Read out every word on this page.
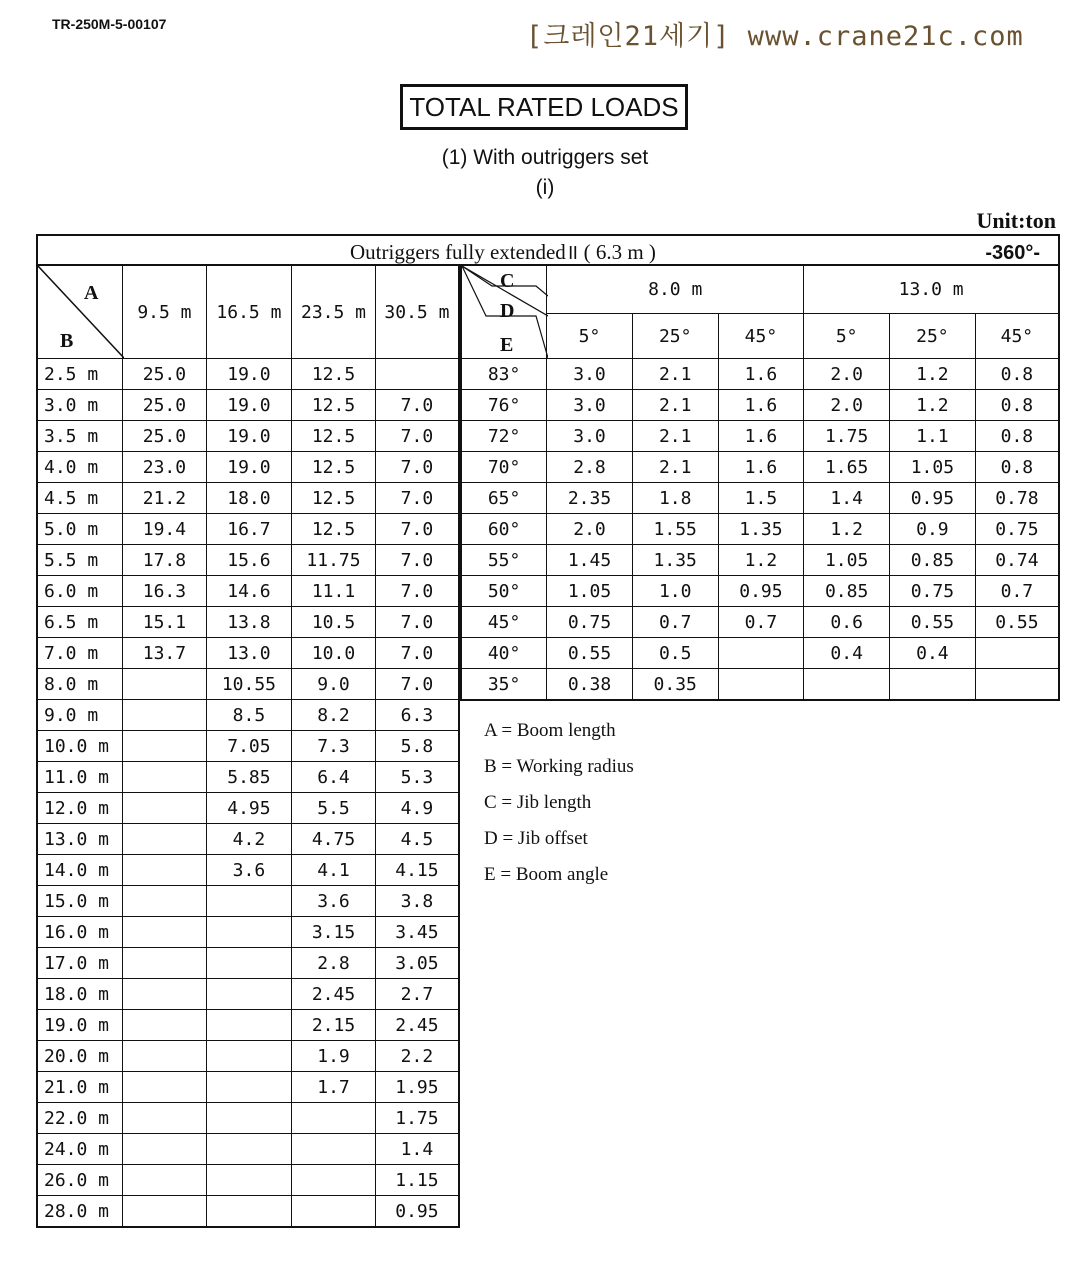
TR-250M-5-00107	[크레인21세기] www.crane21c.com
TOTAL RATED LOADS
(1) With outriggers set
(i)
Unit:ton
Outriggers fully extended॥ ( 6.3 m )	-360°-
A
B	9.5 m	16.5 m	23.5 m	30.5 m
2.5 m	25.0	19.0	12.5	
3.0 m	25.0	19.0	12.5	7.0
3.5 m	25.0	19.0	12.5	7.0
4.0 m	23.0	19.0	12.5	7.0
4.5 m	21.2	18.0	12.5	7.0
5.0 m	19.4	16.7	12.5	7.0
5.5 m	17.8	15.6	11.75	7.0
6.0 m	16.3	14.6	11.1	7.0
6.5 m	15.1	13.8	10.5	7.0
7.0 m	13.7	13.0	10.0	7.0
8.0 m		10.55	9.0	7.0
9.0 m		8.5	8.2	6.3
10.0 m		7.05	7.3	5.8
11.0 m		5.85	6.4	5.3
12.0 m		4.95	5.5	4.9
13.0 m		4.2	4.75	4.5
14.0 m		3.6	4.1	4.15
15.0 m			3.6	3.8
16.0 m			3.15	3.45
17.0 m			2.8	3.05
18.0 m			2.45	2.7
19.0 m			2.15	2.45
20.0 m			1.9	2.2
21.0 m			1.7	1.95
22.0 m				1.75
24.0 m				1.4
26.0 m				1.15
28.0 m				0.95
C
D
E	8.0 m			13.0 m		
	5°	25°	45°	5°	25°	45°
83°	3.0	2.1	1.6	2.0	1.2	0.8
76°	3.0	2.1	1.6	2.0	1.2	0.8
72°	3.0	2.1	1.6	1.75	1.1	0.8
70°	2.8	2.1	1.6	1.65	1.05	0.8
65°	2.35	1.8	1.5	1.4	0.95	0.78
60°	2.0	1.55	1.35	1.2	0.9	0.75
55°	1.45	1.35	1.2	1.05	0.85	0.74
50°	1.05	1.0	0.95	0.85	0.75	0.7
45°	0.75	0.7	0.7	0.6	0.55	0.55
40°	0.55	0.5		0.4	0.4	
35°	0.38	0.35				
A = Boom length
B = Working radius
C = Jib length
D = Jib offset
E = Boom angle
